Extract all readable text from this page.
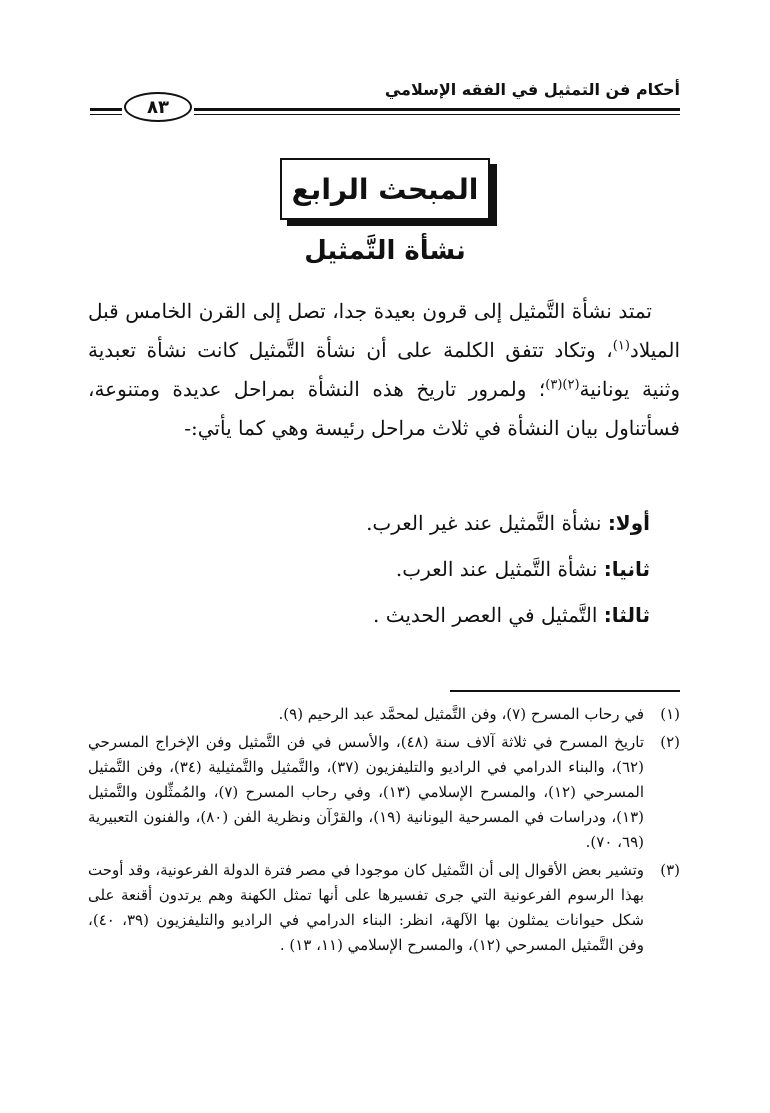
أحكام فن التمثيل في الفقه الإسلامي
٨٣
المبحث الرابع
نشأة التَّمثيل

تمتد نشأة التَّمثيل إلى قرون بعيدة جدا، تصل إلى القرن الخامس قبل الميلاد$^{(١)}$، وتكاد تتفق الكلمة على أن نشأة التَّمثيل كانت نشأة تعبدية وثنية يونانية$^{(٢)(٣)}$؛ ولمرور تاريخ هذه النشأة بمراحل عديدة ومتنوعة، فسأتناول بيان النشأة في ثلاث مراحل رئيسة وهي كما يأتي:-

أولا: نشأة التَّمثيل عند غير العرب.
ثانيا: نشأة التَّمثيل عند العرب.
ثالثا: التَّمثيل في العصر الحديث .
(١)
في رحاب المسرح (٧)، وفن التَّمثيل لمحمَّد عبد الرحيم (٩).
(٢)
تاريخ المسرح في ثلاثة آلاف سنة (٤٨)، والأسس في فن التَّمثيل وفن الإخراج المسرحي (٦٢)، والبناء الدرامي في الراديو والتليفزيون (٣٧)، والتَّمثيل والتَّمثيلية (٣٤)، وفن التَّمثيل المسرحي (١٢)، والمسرح الإسلامي (١٣)، وفي رحاب المسرح (٧)، والمُمثِّلون والتَّمثيل (١٣)، ودراسات في المسرحية اليونانية (١٩)، والقرْآن ونظرية الفن (٨٠)، والفنون التعبيرية (٦٩، ٧٠).
(٣)
وتشير بعض الأقوال إلى أن التَّمثيل كان موجودا في مصر فترة الدولة الفرعونية، وقد أوحت بهذا الرسوم الفرعونية التي جرى تفسيرها على أنها تمثل الكهنة وهم يرتدون أقنعة على شكل حيوانات يمثلون بها الآلهة، انظر: البناء الدرامي في الراديو والتليفزيون (٣٩، ٤٠)، وفن التَّمثيل المسرحي (١٢)، والمسرح الإسلامي (١١، ١٣) .
